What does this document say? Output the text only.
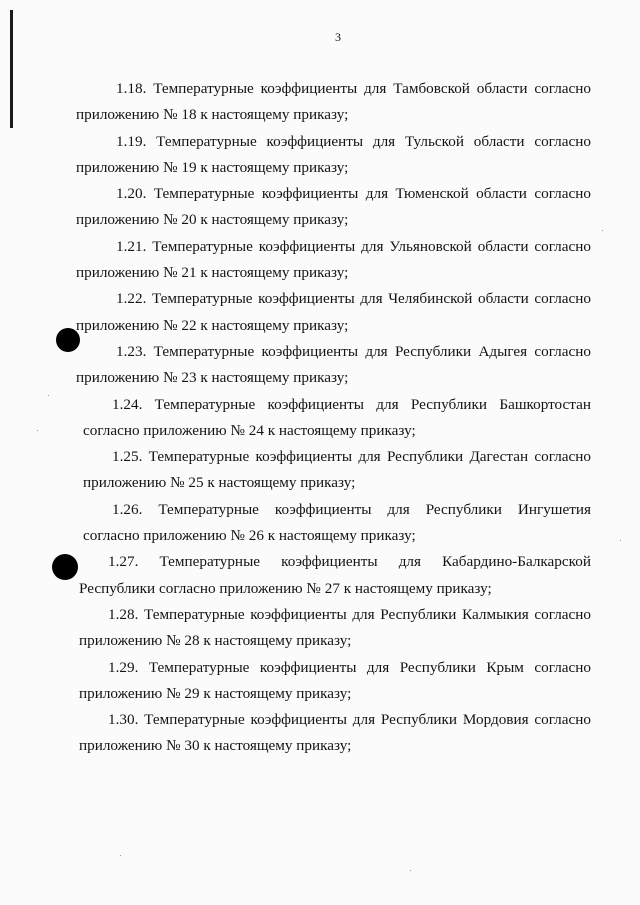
3

1.18. Температурные коэффициенты для Тамбовской области согласно
приложению № 18 к настоящему приказу;

1.19. Температурные коэффициенты для Тульской области согласно
приложению № 19 к настоящему приказу;

1.20. Температурные коэффициенты для Тюменской области согласно
приложению № 20 к настоящему приказу;

1.21. Температурные коэффициенты для Ульяновской области согласно
приложению № 21 к настоящему приказу;

1.22. Температурные коэффициенты для Челябинской области согласно
приложению № 22 к настоящему приказу;

1.23. Температурные коэффициенты для Республики Адыгея согласно
приложению № 23 к настоящему приказу;

1.24. Температурные коэффициенты для Республики Башкортостан
согласно приложению № 24 к настоящему приказу;

1.25. Температурные коэффициенты для Республики Дагестан согласно
приложению № 25 к настоящему приказу;

1.26. Температурные коэффициенты для Республики Ингушетия
согласно приложению № 26 к настоящему приказу;

1.27. Температурные коэффициенты для Кабардино-Балкарской
Республики согласно приложению № 27 к настоящему приказу;

1.28. Температурные коэффициенты для Республики Калмыкия согласно
приложению № 28 к настоящему приказу;

1.29. Температурные коэффициенты для Республики Крым согласно
приложению № 29 к настоящему приказу;

1.30. Температурные коэффициенты для Республики Мордовия согласно
приложению № 30 к настоящему приказу;
